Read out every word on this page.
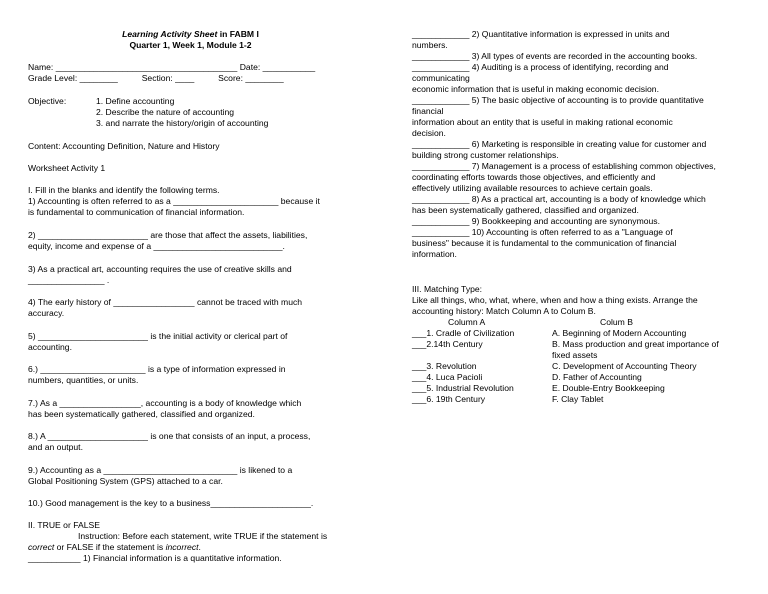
Learning Activity Sheet in FABM I
Quarter 1, Week 1, Module 1-2
Name: ______________________________________ Date: ___________
Grade Level: ________          Section: ____          Score: ________
Objective:	1. Define accounting
2. Describe the nature of accounting
3. and narrate the history/origin of accounting
Content: Accounting Definition, Nature and History
Worksheet Activity 1
I. Fill in the blanks and identify the following terms.
1) Accounting is often referred to as a ______________________ because it
is fundamental to communication of financial information.
2) _______________________ are those that affect the assets, liabilities,
equity, income and expense of a ___________________________.
3) As a practical art, accounting requires the use of creative skills and
________________ .
4) The early history of _________________ cannot be traced with much
accuracy.
5) _______________________ is the initial activity or clerical part of
accounting.
6.) ______________________ is a type of information expressed in
numbers, quantities, or units.
7.) As a _________________, accounting is a body of knowledge which
has been systematically gathered, classified and organized.
8.) A _____________________ is one that consists of an input, a process,
and an output.
9.) Accounting as a ____________________________ is likened to a
Global Positioning System (GPS) attached to a car.
10.) Good management is the key to a business_____________________.
II. TRUE or FALSE
Instruction: Before each statement, write TRUE if the statement is
correct or FALSE if the statement is incorrect.
___________ 1) Financial information is a quantitative information.
____________ 2) Quantitative information is expressed in units and
numbers.
____________ 3) All types of events are recorded in the accounting books.
____________ 4) Auditing is a process of identifying, recording and
communicating
economic information that is useful in making economic decision.
____________ 5) The basic objective of accounting is to provide quantitative
financial
information about an entity that is useful in making rational economic
decision.
____________ 6) Marketing is responsible in creating value for customer and
building strong customer relationships.
____________ 7) Management is a process of establishing common objectives,
coordinating efforts towards those objectives, and efficiently and
effectively utilizing available resources to achieve certain goals.
____________ 8) As a practical art, accounting is a body of knowledge which
has been systematically gathered, classified and organized.
____________ 9) Bookkeeping and accounting are synonymous.
____________ 10) Accounting is often referred to as a "Language of
business" because it is fundamental to the communication of financial
information.
III. Matching Type:
Like all things, who, what, where, when and how a thing exists. Arrange the
accounting history: Match Column A to Colum B.
Column A	Colum B
___1. Cradle of Civilization
___2.14th Century
___3. Revolution
___4. Luca Pacioli
___5. Industrial Revolution
___6. 19th Century
A. Beginning of Modern Accounting
B. Mass production and great importance of
fixed assets
C. Development of Accounting Theory
D. Father of Accounting
E. Double-Entry Bookkeeping
F. Clay Tablet
